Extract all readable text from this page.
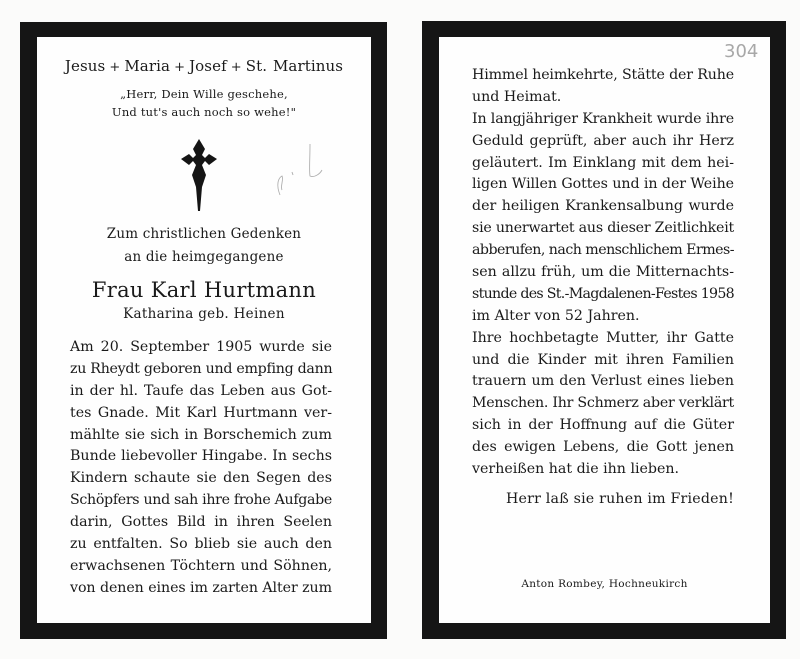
Jesus + Maria + Josef + St. Martinus
„Herr, Dein Wille geschehe,
Und tut's auch noch so wehe!"
Zum christlichen Gedenken
an die heimgegangene
Frau Karl Hurtmann
Katharina geb. Heinen
Am 20. September 1905 wurde sie
zu Rheydt geboren und empfing dann
in der hl. Taufe das Leben aus Got-
tes Gnade. Mit Karl Hurtmann ver-
mählte sie sich in Borschemich zum
Bunde liebevoller Hingabe. In sechs
Kindern schaute sie den Segen des
Schöpfers und sah ihre frohe Aufgabe
darin, Gottes Bild in ihren Seelen
zu entfalten. So blieb sie auch den
erwachsenen Töchtern und Söhnen,
von denen eines im zarten Alter zum
304
Himmel heimkehrte, Stätte der Ruhe
und Heimat.
In langjähriger Krankheit wurde ihre
Geduld geprüft, aber auch ihr Herz
geläutert. Im Einklang mit dem hei-
ligen Willen Gottes und in der Weihe
der heiligen Krankensalbung wurde
sie unerwartet aus dieser Zeitlichkeit
abberufen, nach menschlichem Ermes-
sen allzu früh, um die Mitternachts-
stunde des St.-Magdalenen-Festes 1958
im Alter von 52 Jahren.
Ihre hochbetagte Mutter, ihr Gatte
und die Kinder mit ihren Familien
trauern um den Verlust eines lieben
Menschen. Ihr Schmerz aber verklärt
sich in der Hoffnung auf die Güter
des ewigen Lebens, die Gott jenen
verheißen hat die ihn lieben.
Herr laß sie ruhen im Frieden!
Anton Rombey, Hochneukirch
